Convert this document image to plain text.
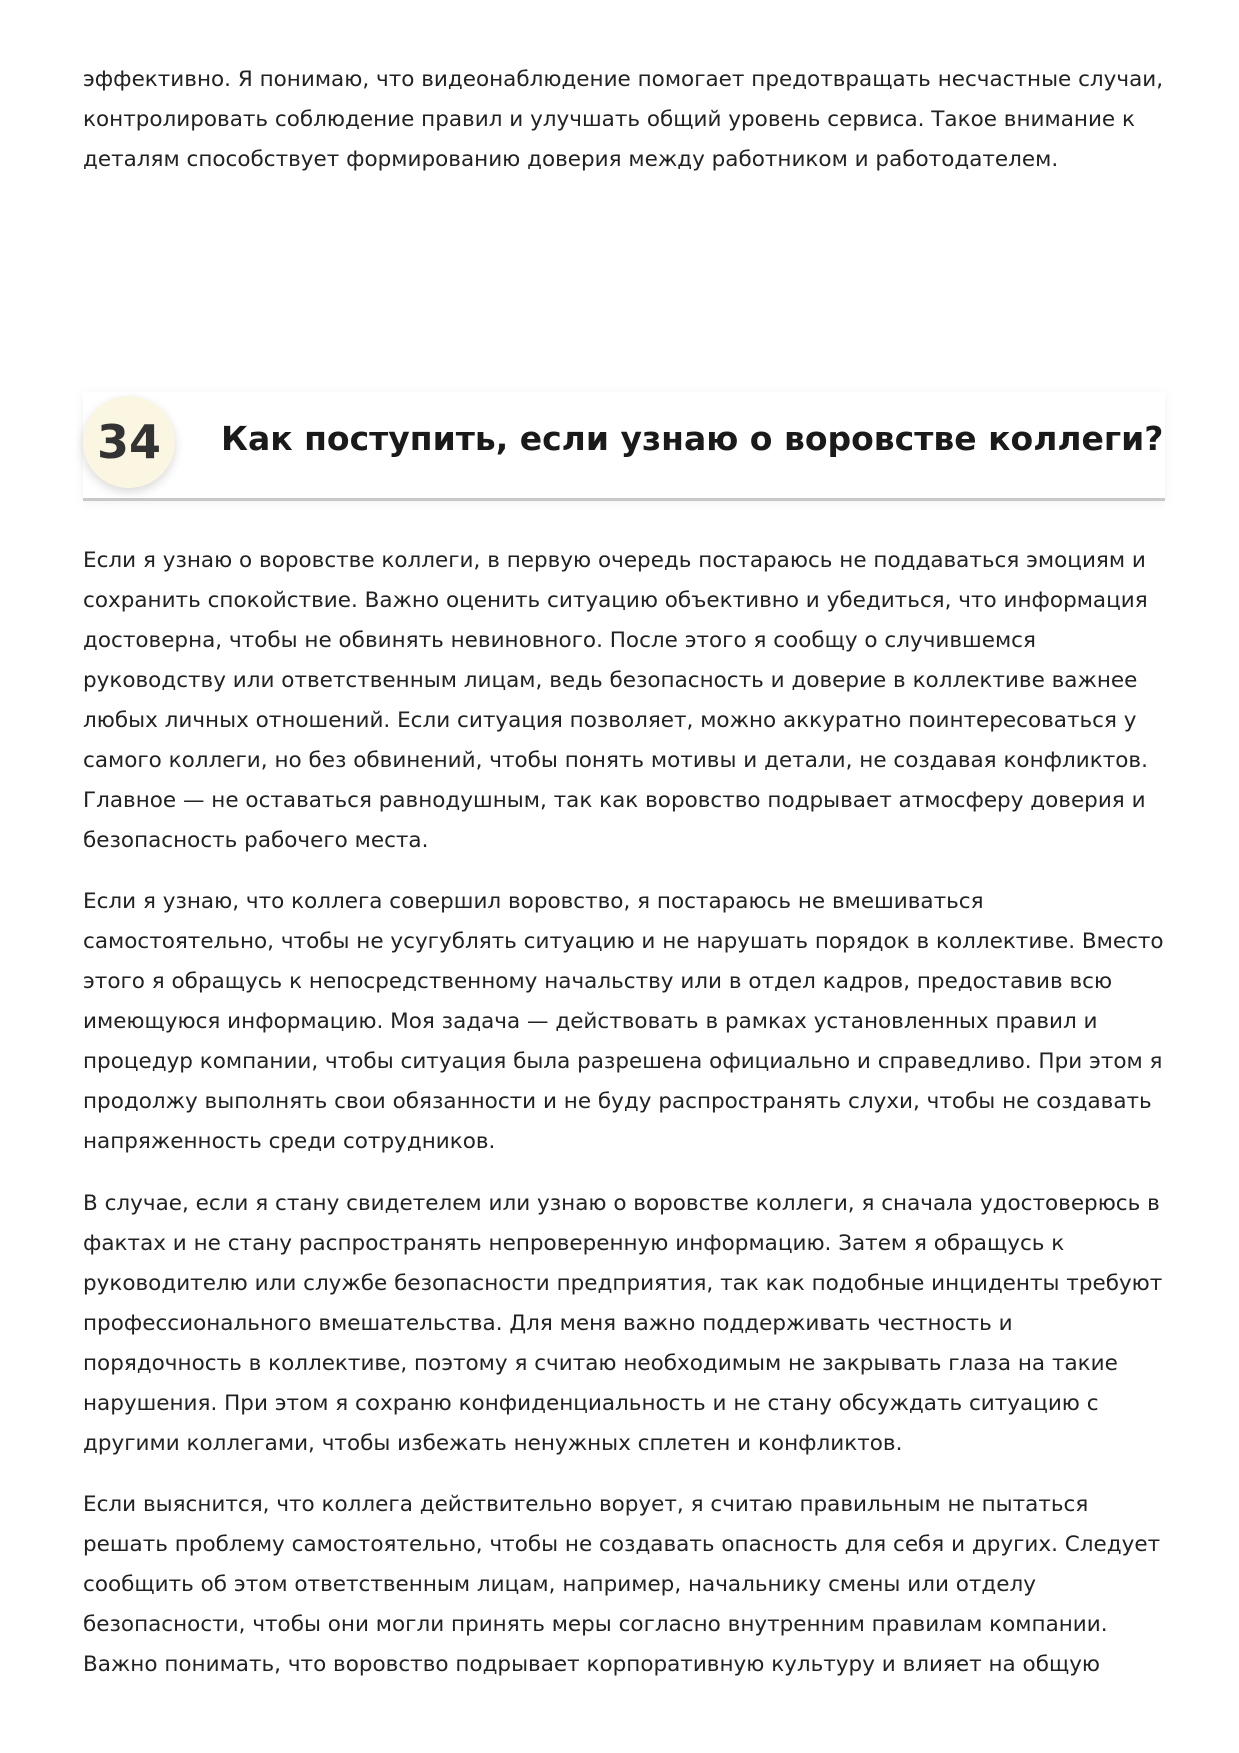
эффективно. Я понимаю, что видеонаблюдение помогает предотвращать несчастные случаи, контролировать соблюдение правил и улучшать общий уровень сервиса. Такое внимание к деталям способствует формированию доверия между работником и работодателем.

34	Как поступить, если узнаю о воровстве коллеги?

Если я узнаю о воровстве коллеги, в первую очередь постараюсь не поддаваться эмоциям и сохранить спокойствие. Важно оценить ситуацию объективно и убедиться, что информация достоверна, чтобы не обвинять невиновного. После этого я сообщу о случившемся руководству или ответственным лицам, ведь безопасность и доверие в коллективе важнее любых личных отношений. Если ситуация позволяет, можно аккуратно поинтересоваться у самого коллеги, но без обвинений, чтобы понять мотивы и детали, не создавая конфликтов. Главное — не оставаться равнодушным, так как воровство подрывает атмосферу доверия и безопасность рабочего места.

Если я узнаю, что коллега совершил воровство, я постараюсь не вмешиваться самостоятельно, чтобы не усугублять ситуацию и не нарушать порядок в коллективе. Вместо этого я обращусь к непосредственному начальству или в отдел кадров, предоставив всю имеющуюся информацию. Моя задача — действовать в рамках установленных правил и процедур компании, чтобы ситуация была разрешена официально и справедливо. При этом я продолжу выполнять свои обязанности и не буду распространять слухи, чтобы не создавать напряженность среди сотрудников.

В случае, если я стану свидетелем или узнаю о воровстве коллеги, я сначала удостоверюсь в фактах и не стану распространять непроверенную информацию. Затем я обращусь к руководителю или службе безопасности предприятия, так как подобные инциденты требуют профессионального вмешательства. Для меня важно поддерживать честность и порядочность в коллективе, поэтому я считаю необходимым не закрывать глаза на такие нарушения. При этом я сохраню конфиденциальность и не стану обсуждать ситуацию с другими коллегами, чтобы избежать ненужных сплетен и конфликтов.

Если выяснится, что коллега действительно ворует, я считаю правильным не пытаться решать проблему самостоятельно, чтобы не создавать опасность для себя и других. Следует сообщить об этом ответственным лицам, например, начальнику смены или отделу безопасности, чтобы они могли принять меры согласно внутренним правилам компании. Важно понимать, что воровство подрывает корпоративную культуру и влияет на общую
